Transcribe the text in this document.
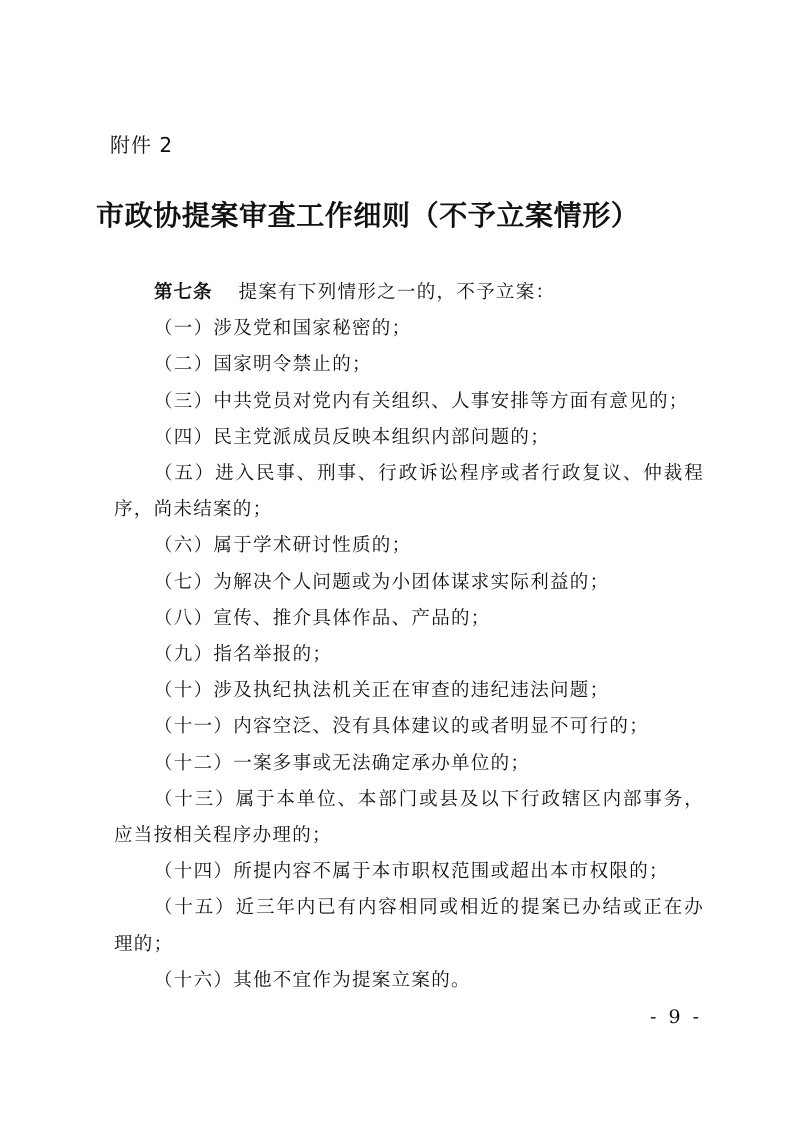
附件 2
市政协提案审查工作细则（不予立案情形）

第七条 提案有下列情形之一的，不予立案：

（一）涉及党和国家秘密的；

（二）国家明令禁止的；

（三）中共党员对党内有关组织、人事安排等方面有意见的；

（四）民主党派成员反映本组织内部问题的；

（五）进入民事、刑事、行政诉讼程序或者行政复议、仲裁程序，尚未结案的；

（六）属于学术研讨性质的；

（七）为解决个人问题或为小团体谋求实际利益的；

（八）宣传、推介具体作品、产品的；

（九）指名举报的；

（十）涉及执纪执法机关正在审查的违纪违法问题；

（十一）内容空泛、没有具体建议的或者明显不可行的；

（十二）一案多事或无法确定承办单位的；

（十三）属于本单位、本部门或县及以下行政辖区内部事务，应当按相关程序办理的；

（十四）所提内容不属于本市职权范围或超出本市权限的；

（十五）近三年内已有内容相同或相近的提案已办结或正在办理的；

（十六）其他不宜作为提案立案的。

- 9 -
